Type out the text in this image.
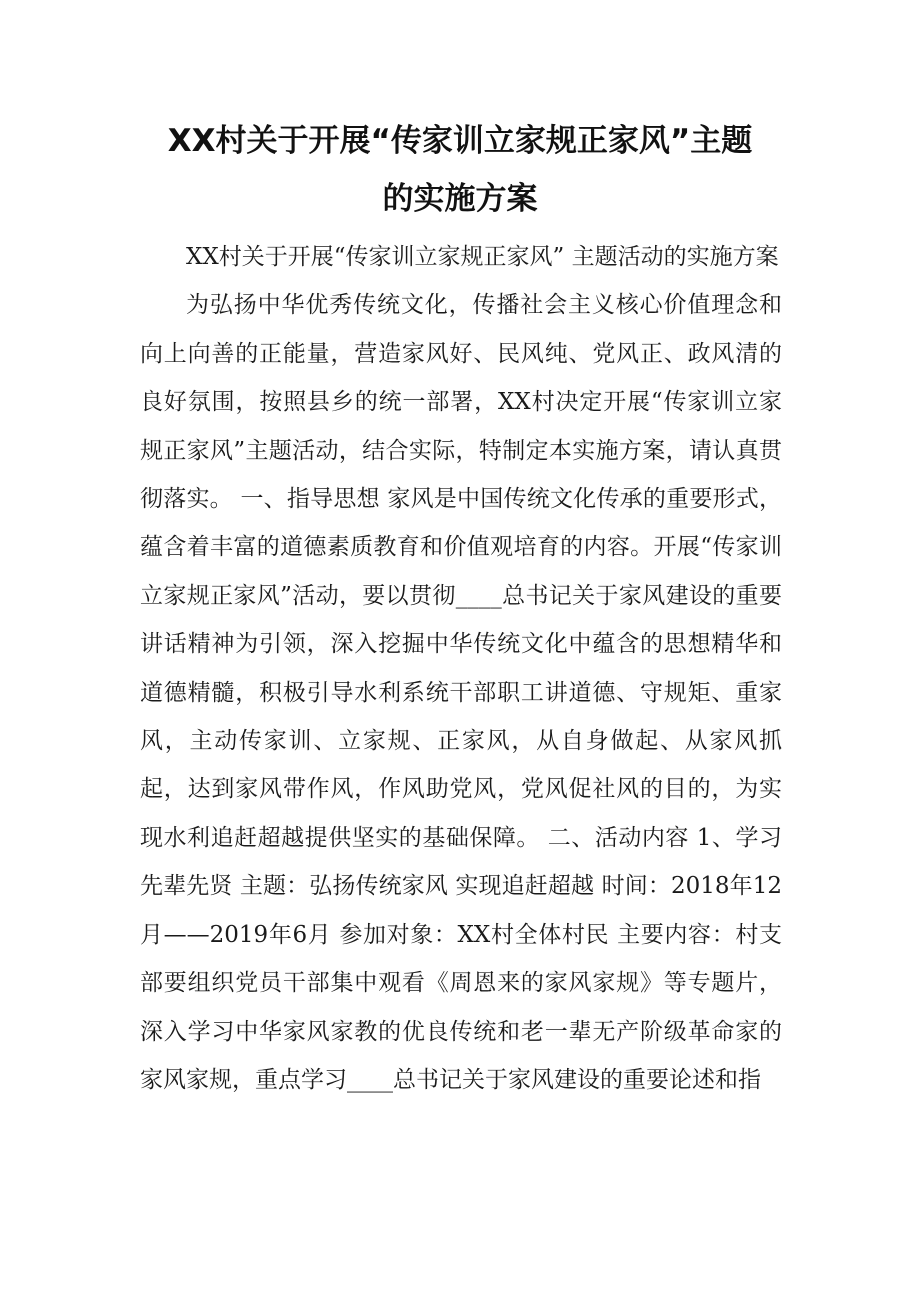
XX村关于开展“传家训立家规正家风”主题
的实施方案

XX村关于开展“传家训立家规正家风” 主题活动的实施方案

为弘扬中华优秀传统文化，传播社会主义核心价值理念和向上向善的正能量，营造家风好、民风纯、党风正、政风清的良好氛围，按照县乡的统一部署，XX村决定开展“传家训立家规正家风”主题活动，结合实际，特制定本实施方案，请认真贯彻落实。 一、指导思想 家风是中国传统文化传承的重要形式，蕴含着丰富的道德素质教育和价值观培育的内容。开展“传家训立家规正家风”活动，要以贯彻____总书记关于家风建设的重要讲话精神为引领，深入挖掘中华传统文化中蕴含的思想精华和道德精髓，积极引导水利系统干部职工讲道德、守规矩、重家风，主动传家训、立家规、正家风，从自身做起、从家风抓起，达到家风带作风，作风助党风，党风促社风的目的，为实现水利追赶超越提供坚实的基础保障。 二、活动内容 1、学习先辈先贤 主题：弘扬传统家风 实现追赶超越 时间：2018年12月——2019年6月 参加对象：XX村全体村民 主要内容：村支部要组织党员干部集中观看《周恩来的家风家规》等专题片，深入学习中华家风家教的优良传统和老一辈无产阶级革命家的家风家规，重点学习____总书记关于家风建设的重要论述和指
